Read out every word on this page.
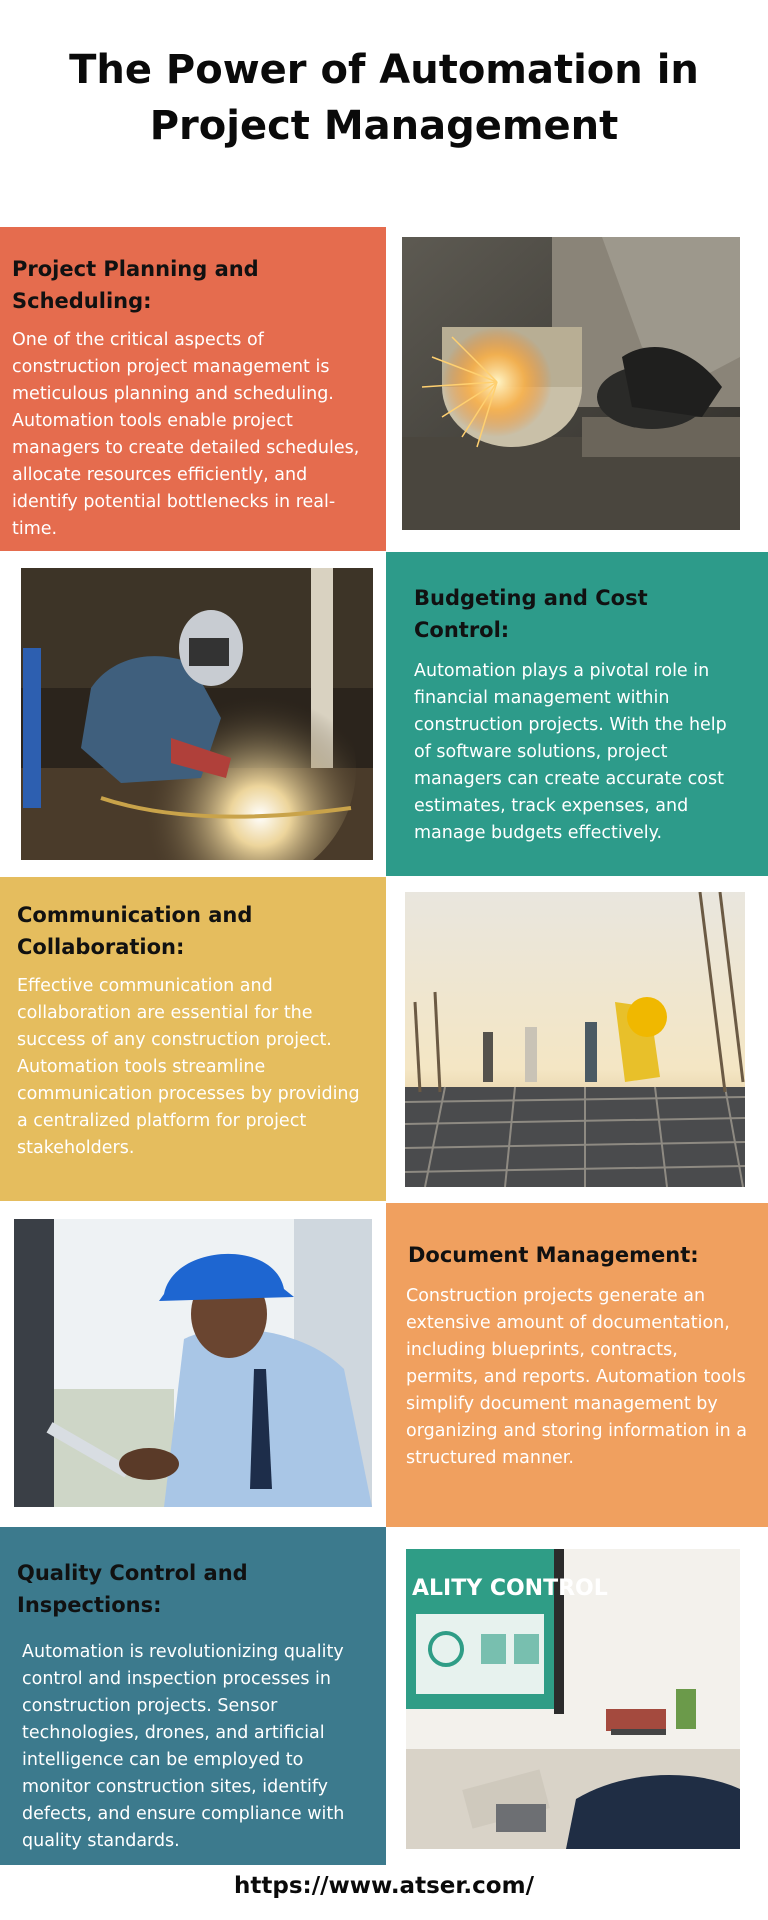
The Power of Automation in Project Management
Project Planning and Scheduling:

One of the critical aspects of construction project management is meticulous planning and scheduling. Automation tools enable project managers to create detailed schedules, allocate resources efficiently, and identify potential bottlenecks in real-time.

Budgeting and Cost Control:

Automation plays a pivotal role in financial management within construction projects. With the help of software solutions, project managers can create accurate cost estimates, track expenses, and manage budgets effectively.

Communication and Collaboration:

Effective communication and collaboration are essential for the success of any construction project. Automation tools streamline communication processes by providing a centralized platform for project stakeholders.

Document Management:

Construction projects generate an extensive amount of documentation, including blueprints, contracts, permits, and reports. Automation tools simplify document management by organizing and storing information in a structured manner.

Quality Control and Inspections:

Automation is revolutionizing quality control and inspection processes in construction projects. Sensor technologies, drones, and artificial intelligence can be employed to monitor construction sites, identify defects, and ensure compliance with quality standards.

ALITY CONTROL
https://www.atser.com/
